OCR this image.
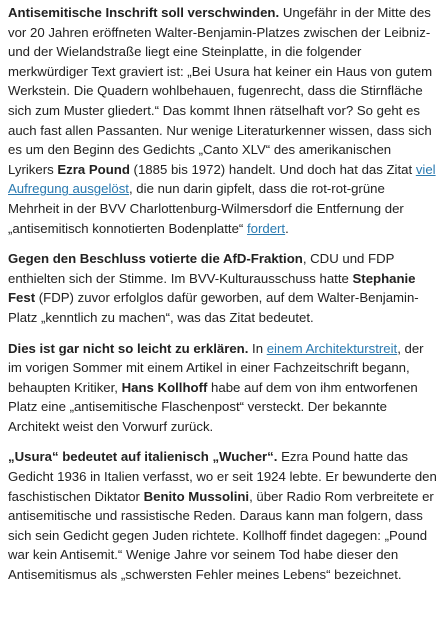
Antisemitische Inschrift soll verschwinden. Ungefähr in der Mitte des vor 20 Jahren eröffneten Walter-Benjamin-Platzes zwischen der Leibniz- und der Wielandstraße liegt eine Steinplatte, in die folgender merkwürdiger Text graviert ist: „Bei Usura hat keiner ein Haus von gutem Werkstein. Die Quadern wohlbehauen, fugenrecht, dass die Stirnfläche sich zum Muster gliedert.“ Das kommt Ihnen rätselhaft vor? So geht es auch fast allen Passanten. Nur wenige Literaturkenner wissen, dass sich es um den Beginn des Gedichts „Canto XLV“ des amerikanischen Lyrikers Ezra Pound (1885 bis 1972) handelt. Und doch hat das Zitat viel Aufregung ausgelöst, die nun darin gipfelt, dass die rot-rot-grüne Mehrheit in der BVV Charlottenburg-Wilmersdorf die Entfernung der „antisemitisch konnotierten Bodenplatte“ fordert.

Gegen den Beschluss votierte die AfD-Fraktion, CDU und FDP enthielten sich der Stimme. Im BVV-Kulturausschuss hatte Stephanie Fest (FDP) zuvor erfolglos dafür geworben, auf dem Walter-Benjamin-Platz „kenntlich zu machen“, was das Zitat bedeutet.

Dies ist gar nicht so leicht zu erklären. In einem Architekturstreit, der im vorigen Sommer mit einem Artikel in einer Fachzeitschrift begann, behaupten Kritiker, Hans Kollhoff habe auf dem von ihm entworfenen Platz eine „antisemitische Flaschenpost“ versteckt. Der bekannte Architekt weist den Vorwurf zurück.

„Usura“ bedeutet auf italienisch „Wucher“. Ezra Pound hatte das Gedicht 1936 in Italien verfasst, wo er seit 1924 lebte. Er bewunderte den faschistischen Diktator Benito Mussolini, über Radio Rom verbreitete er antisemitische und rassistische Reden. Daraus kann man folgern, dass sich sein Gedicht gegen Juden richtete. Kollhoff findet dagegen: „Pound war kein Antisemit.“ Wenige Jahre vor seinem Tod habe dieser den Antisemitismus als „schwersten Fehler meines Lebens“ bezeichnet.
